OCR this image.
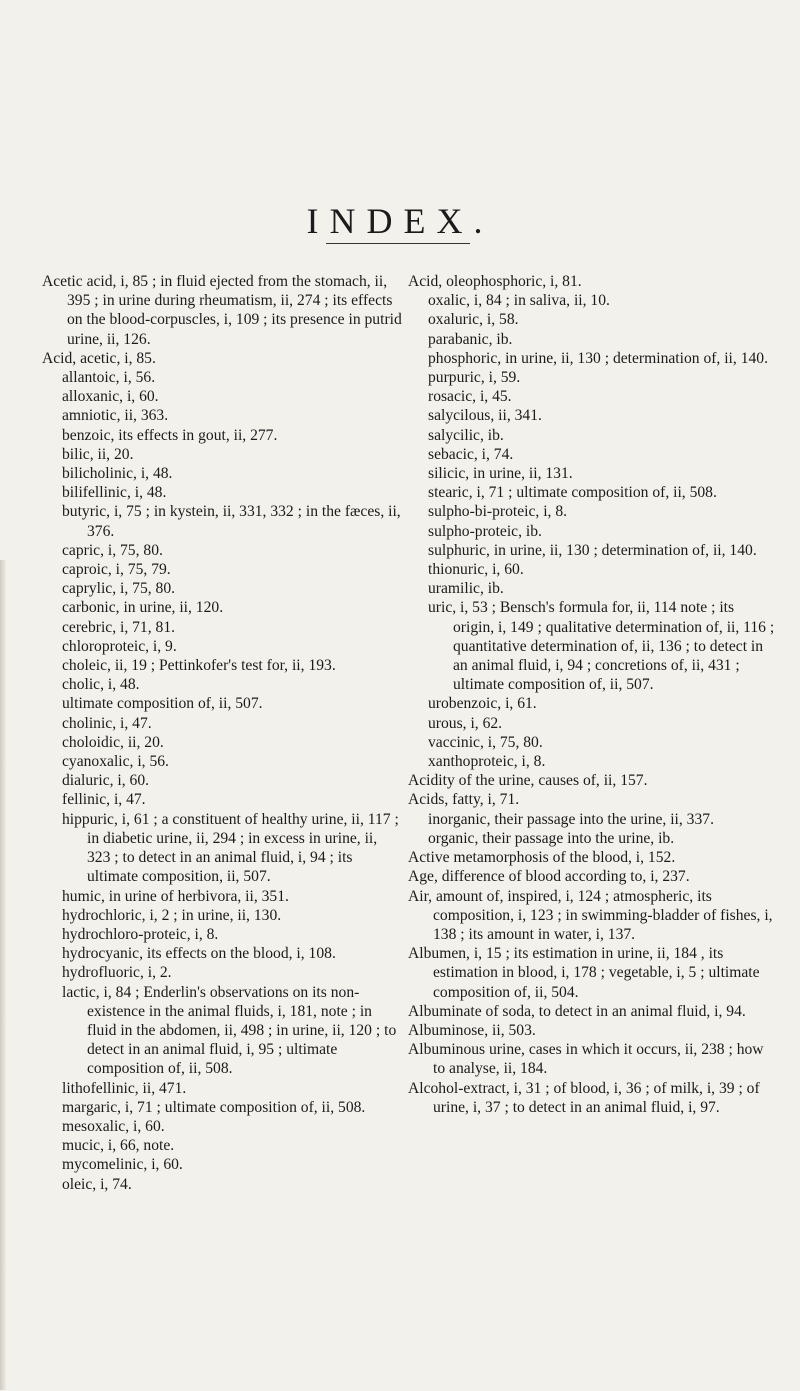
INDEX.
Acetic acid, i, 85 ; in fluid ejected from the stomach, ii, 395 ; in urine during rheumatism, ii, 274 ; its effects on the blood-corpuscles, i, 109 ; its presence in putrid urine, ii, 126.
Acid, acetic, i, 85.
allantoic, i, 56.
alloxanic, i, 60.
amniotic, ii, 363.
benzoic, its effects in gout, ii, 277.
bilic, ii, 20.
bilicholinic, i, 48.
bilifellinic, i, 48.
butyric, i, 75 ; in kystein, ii, 331, 332 ; in the fæces, ii, 376.
capric, i, 75, 80.
caproic, i, 75, 79.
caprylic, i, 75, 80.
carbonic, in urine, ii, 120.
cerebric, i, 71, 81.
chloroproteic, i, 9.
choleic, ii, 19 ; Pettinkofer's test for, ii, 193.
cholic, i, 48.
ultimate composition of, ii, 507.
cholinic, i, 47.
choloidic, ii, 20.
cyanoxalic, i, 56.
dialuric, i, 60.
fellinic, i, 47.
hippuric, i, 61 ; a constituent of healthy urine, ii, 117 ; in diabetic urine, ii, 294 ; in excess in urine, ii, 323 ; to detect in an animal fluid, i, 94 ; its ultimate composition, ii, 507.
humic, in urine of herbivora, ii, 351.
hydrochloric, i, 2 ; in urine, ii, 130.
hydrochloro-proteic, i, 8.
hydrocyanic, its effects on the blood, i, 108.
hydrofluoric, i, 2.
lactic, i, 84 ; Enderlin's observations on its non-existence in the animal fluids, i, 181, note ; in fluid in the abdomen, ii, 498 ; in urine, ii, 120 ; to detect in an animal fluid, i, 95 ; ultimate composition of, ii, 508.
lithofellinic, ii, 471.
margaric, i, 71 ; ultimate composition of, ii, 508.
mesoxalic, i, 60.
mucic, i, 66, note.
mycomelinic, i, 60.
oleic, i, 74.
Acid, oleophosphoric, i, 81.
oxalic, i, 84 ; in saliva, ii, 10.
oxaluric, i, 58.
parabanic, ib.
phosphoric, in urine, ii, 130 ; determination of, ii, 140.
purpuric, i, 59.
rosacic, i, 45.
salycilous, ii, 341.
salycilic, ib.
sebacic, i, 74.
silicic, in urine, ii, 131.
stearic, i, 71 ; ultimate composition of, ii, 508.
sulpho-bi-proteic, i, 8.
sulpho-proteic, ib.
sulphuric, in urine, ii, 130 ; determination of, ii, 140.
thionuric, i, 60.
uramilic, ib.
uric, i, 53 ; Bensch's formula for, ii, 114 note ; its origin, i, 149 ; qualitative determination of, ii, 116 ; quantitative determination of, ii, 136 ; to detect in an animal fluid, i, 94 ; concretions of, ii, 431 ; ultimate composition of, ii, 507.
urobenzoic, i, 61.
urous, i, 62.
vaccinic, i, 75, 80.
xanthoproteic, i, 8.
Acidity of the urine, causes of, ii, 157.
Acids, fatty, i, 71.
inorganic, their passage into the urine, ii, 337.
organic, their passage into the urine, ib.
Active metamorphosis of the blood, i, 152.
Age, difference of blood according to, i, 237.
Air, amount of, inspired, i, 124 ; atmospheric, its composition, i, 123 ; in swimming-bladder of fishes, i, 138 ; its amount in water, i, 137.
Albumen, i, 15 ; its estimation in urine, ii, 184 , its estimation in blood, i, 178 ; vegetable, i, 5 ; ultimate composition of, ii, 504.
Albuminate of soda, to detect in an animal fluid, i, 94.
Albuminose, ii, 503.
Albuminous urine, cases in which it occurs, ii, 238 ; how to analyse, ii, 184.
Alcohol-extract, i, 31 ; of blood, i, 36 ; of milk, i, 39 ; of urine, i, 37 ; to detect in an animal fluid, i, 97.
